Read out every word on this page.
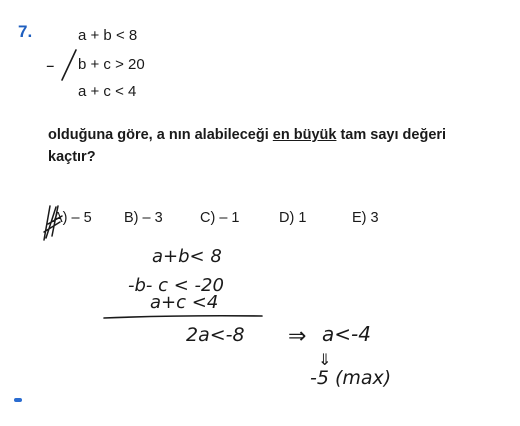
7.	a + b < 8
b + c > 20
a + c < 4
olduğuna göre, a nın alabileceği en büyük tam sayı değeri kaçtır?
A) – 5 B) – 3	C) – 1	D) 1	E) 3
–
a+b< 8
-b- c < -20
a+c <4
2a<-8 ⇒ a<-4
⇓
-5 (max)
